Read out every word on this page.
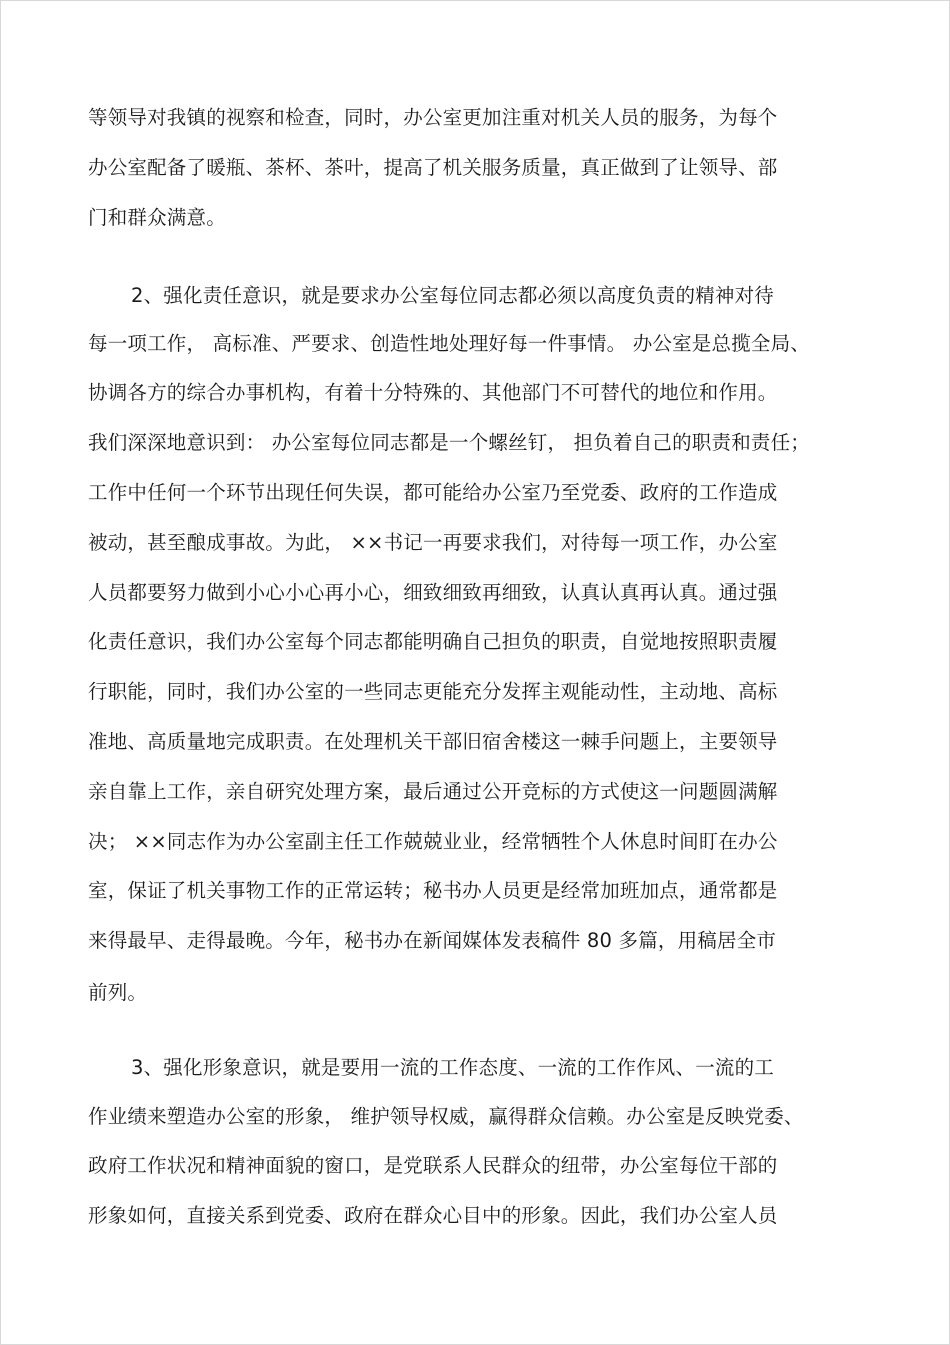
等领导对我镇的视察和检查，同时，办公室更加注重对机关人员的服务，为每个
办公室配备了暖瓶、茶杯、茶叶，提高了机关服务质量，真正做到了让领导、部
门和群众满意。
2、强化责任意识，就是要求办公室每位同志都必须以高度负责的精神对待
每一项工作， 高标准、严要求、创造性地处理好每一件事情。 办公室是总揽全局、
协调各方的综合办事机构，有着十分特殊的、其他部门不可替代的地位和作用。
我们深深地意识到： 办公室每位同志都是一个螺丝钉， 担负着自己的职责和责任；
工作中任何一个环节出现任何失误，都可能给办公室乃至党委、政府的工作造成
被动，甚至酿成事故。为此， ××书记一再要求我们，对待每一项工作，办公室
人员都要努力做到小心小心再小心，细致细致再细致，认真认真再认真。通过强
化责任意识，我们办公室每个同志都能明确自己担负的职责，自觉地按照职责履
行职能，同时，我们办公室的一些同志更能充分发挥主观能动性，主动地、高标
准地、高质量地完成职责。在处理机关干部旧宿舍楼这一棘手问题上，主要领导
亲自靠上工作，亲自研究处理方案，最后通过公开竞标的方式使这一问题圆满解
决； ××同志作为办公室副主任工作兢兢业业，经常牺牲个人休息时间盯在办公
室，保证了机关事物工作的正常运转；秘书办人员更是经常加班加点，通常都是
来得最早、走得最晚。今年，秘书办在新闻媒体发表稿件 80 多篇，用稿居全市
前列。
3、强化形象意识，就是要用一流的工作态度、一流的工作作风、一流的工
作业绩来塑造办公室的形象， 维护领导权威，赢得群众信赖。办公室是反映党委、
政府工作状况和精神面貌的窗口，是党联系人民群众的纽带，办公室每位干部的
形象如何，直接关系到党委、政府在群众心目中的形象。因此，我们办公室人员
